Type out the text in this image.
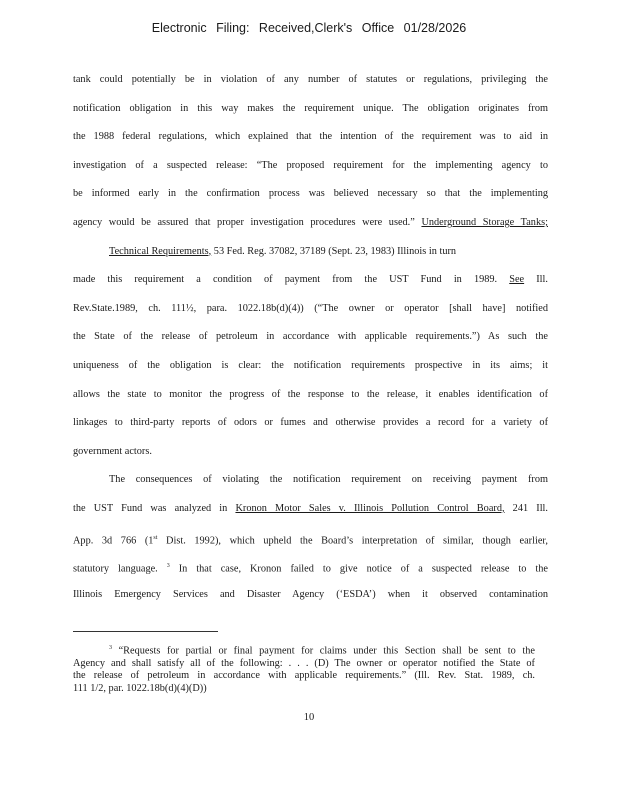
Electronic Filing: Received,Clerk's Office 01/28/2026
tank could potentially be in violation of any number of statutes or regulations, privileging the
notification obligation in this way makes the requirement unique. The obligation originates from
the 1988 federal regulations, which explained that the intention of the requirement was to aid in
investigation of a suspected release: “The proposed requirement for the implementing agency to
be informed early in the confirmation process was believed necessary so that the implementing
agency would be assured that proper investigation procedures were used.” Underground Storage Tanks;
Technical Requirements, 53 Fed. Reg. 37082, 37189 (Sept. 23, 1983) Illinois in turn
made this requirement a condition of payment from the UST Fund in 1989. See Ill.
Rev.State.1989, ch. 111½, para. 1022.18b(d)(4)) (“The owner or operator [shall have] notified
the State of the release of petroleum in accordance with applicable requirements.”) As such the
uniqueness of the obligation is clear: the notification requirements prospective in its aims; it
allows the state to monitor the progress of the response to the release, it enables identification of
linkages to third-party reports of odors or fumes and otherwise provides a record for a variety of
government actors.
The consequences of violating the notification requirement on receiving payment from
the UST Fund was analyzed in Kronon Motor Sales v. Illinois Pollution Control Board, 241 Ill.
App. 3d 766 (1st Dist. 1992), which upheld the Board’s interpretation of similar, though earlier,
statutory language. $^3$ In that case, Kronon failed to give notice of a suspected release to the
Illinois Emergency Services and Disaster Agency (‘ESDA’) when it observed contamination
$^3$ “Requests for partial or final payment for claims under this Section shall be sent to the
Agency and shall satisfy all of the following: . . . (D) The owner or operator notified the State of
the release of petroleum in accordance with applicable requirements.” (Ill. Rev. Stat. 1989, ch.
111 1/2, par. 1022.18b(d)(4)(D))
10
